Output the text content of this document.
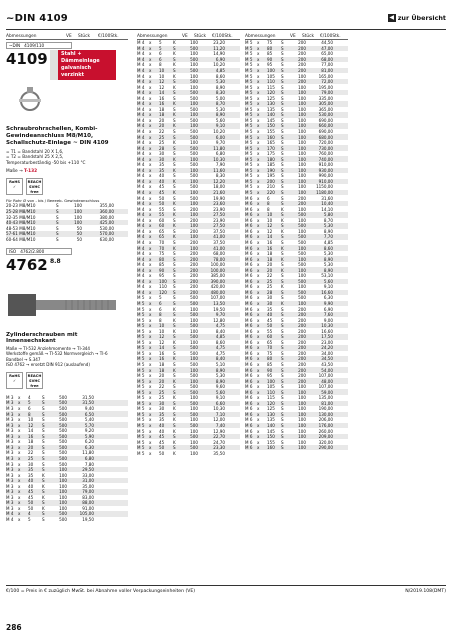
~DIN 4109	◀ zur Übersicht
Abmessungen	VE	Stück	€/100Stk.
~DIN 4109/110
4109	Stahl + Dämmeinlage galvanisch verzinkt
Schraubrohrschellen, Kombi-Gewindeanschluss M8/M10, Schallschutz-Einlage ~ DIN 4109
= T1 = Bandstahl 20 X 1,6,
= T2 = Bandstahl 25 X 2,5,
Temperaturbeständig -50 bis +110 °C
Maße → T-132
RoHS ✓
REACH SVHC free
Für Rohr Ø von - bis / Beeeeb- Gewindeanschluss
20-23 M8/M10	S	100	355,00
25-28 M8/M10	S	100	360,00
32-35 M8/M10	S	100	380,00
40-43 M8/M10	S	100	425,00
48-53 M8/M10	S	50	530,00
57-61 M8/M10	S	50	570,00
60-64 M8/M10	S	50	630,00
ISO 4762/2.800
4762 8.8
Zylinderschrauben mit Innensechskant
Maße → TI-532 Anziehmomente → TI-344
Werkstoffe gemäß → TI-532 Normvergleich → TI-6
Bandbel → S.347
ISO 4762 → ersetzt DIN 912 (auslaufend)
RoHS ✓
REACH SVHC free
M 3	x	4	S	500	31,50
M 3	x	5	S	500	31,50
M 3	x	6	S	500	9,40
M 3	x	8	S	500	6,50
M 3	x	10	S	500	5,40
M 3	x	12	S	500	5,70
M 3	x	14	S	500	9,20
M 3	x	16	S	500	5,90
M 3	x	18	S	500	6,20
M 3	x	20	S	500	6,30
M 3	x	22	S	500	11,80
M 3	x	25	S	500	6,80
M 3	x	30	S	500	7,80
M 3	x	35	S	100	29,50
M 3	x	35	K	100	33,00
M 3	x	40	S	100	31,00
M 3	x	40	K	100	35,00
M 3	x	45	S	100	79,00
M 3	x	45	K	100	83,00
M 3	x	50	S	100	88,00
M 3	x	50	K	100	91,00
M 4	x	4	S	500	105,00
M 4	x	5	S	500	19,50
Abmessungen	VE	Stück	€/100Stk.
M 4	x	5	K	100	23,20
M 4	x	5	S	500	11,20
M 4	x	6	K	100	14,90
M 4	x	6	S	500	6,90
M 4	x	8	K	100	10,20
M 4	x	10	S	500	4,85
M 4	x	10	K	100	8,60
M 4	x	12	S	500	5,30
M 4	x	12	K	100	8,90
M 4	x	14	S	500	8,30
M 4	x	16	S	500	5,00
M 4	x	16	K	100	8,70
M 4	x	18	S	500	5,30
M 4	x	18	K	100	8,90
M 4	x	20	S	500	5,60
M 4	x	20	K	100	9,10
M 4	x	22	S	500	10,20
M 4	x	25	S	500	6,00
M 4	x	25	K	100	9,70
M 4	x	28	S	500	11,80
M 4	x	30	S	500	6,80
M 4	x	30	K	100	10,30
M 4	x	35	S	500	7,90
M 4	x	35	K	100	11,60
M 4	x	40	S	500	8,30
M 4	x	40	K	100	12,20
M 4	x	45	S	500	18,00
M 4	x	45	K	100	21,60
M 4	x	50	S	500	19,90
M 4	x	50	K	100	23,60
M 4	x	55	S	200	23,90
M 4	x	55	K	100	27,50
M 4	x	60	S	200	23,90
M 4	x	60	K	100	27,50
M 4	x	65	S	200	37,50
M 4	x	65	K	100	41,00
M 4	x	70	S	200	37,50
M 4	x	70	K	100	41,00
M 4	x	75	S	200	68,00
M 4	x	80	S	200	78,00
M 4	x	85	S	200	100,00
M 4	x	90	S	200	100,00
M 4	x	95	S	200	385,00
M 4	x	100	S	200	390,00
M 4	x	110	S	200	420,00
M 4	x	120	S	200	480,00
M 5	x	5	S	500	107,00
M 5	x	6	S	500	13,50
M 5	x	6	K	100	19,50
M 5	x	8	S	500	9,70
M 5	x	8	K	100	12,80
M 5	x	10	S	500	4,75
M 5	x	10	K	100	8,40
M 5	x	12	S	500	4,85
M 5	x	12	K	100	8,60
M 5	x	14	S	500	4,75
M 5	x	16	S	500	4,75
M 5	x	16	K	100	8,40
M 5	x	18	S	500	5,10
M 5	x	18	K	100	8,90
M 5	x	20	S	500	5,30
M 5	x	20	K	100	8,90
M 5	x	22	S	500	9,60
M 5	x	25	S	500	5,60
M 5	x	25	K	100	9,10
M 5	x	30	S	500	6,60
M 5	x	30	K	100	10,30
M 5	x	35	S	500	7,10
M 5	x	35	K	100	12,00
M 5	x	40	S	500	7,40
M 5	x	40	K	100	12,90
M 5	x	45	S	500	22,70
M 5	x	45	K	100	24,70
M 5	x	50	S	500	23,30
M 5	x	50	K	100	35,50
Abmessungen	VE	Stück	€/100Stk.
M 5	x	75	S	200	44,50
M 5	x	80	S	200	47,00
M 5	x	85	S	200	65,00
M 5	x	90	S	200	68,00
M 5	x	95	S	200	77,00
M 5	x	100	S	200	81,00
M 5	x	105	S	100	165,00
M 5	x	110	S	200	72,00
M 5	x	115	S	100	195,00
M 5	x	120	S	100	79,00
M 5	x	125	S	100	335,00
M 5	x	130	S	100	305,00
M 5	x	135	S	100	365,00
M 5	x	140	S	100	530,00
M 5	x	145	S	100	690,00
M 5	x	150	S	100	660,00
M 5	x	155	S	100	690,00
M 5	x	160	S	100	680,00
M 5	x	165	S	100	720,00
M 5	x	170	S	100	730,00
M 5	x	175	S	100	760,00
M 5	x	180	S	100	740,00
M 5	x	185	S	100	910,00
M 5	x	190	S	100	930,00
M 5	x	195	S	100	990,00
M 5	x	200	S	100	910,00
M 5	x	210	S	100	1150,00
M 5	x	220	S	100	1180,00
M 6	x	6	S	200	31,60
M 6	x	8	S	200	10,40
M 6	x	8	K	100	14,10
M 6	x	10	S	500	5,80
M 6	x	10	K	100	8,70
M 6	x	12	S	500	5,30
M 6	x	12	K	100	8,90
M 6	x	14	S	500	7,70
M 6	x	16	S	500	4,85
M 6	x	16	K	100	8,60
M 6	x	18	S	500	5,30
M 6	x	18	K	100	8,90
M 6	x	20	S	500	5,30
M 6	x	20	K	100	8,90
M 6	x	22	S	100	53,10
M 6	x	25	S	500	5,60
M 6	x	25	K	100	9,10
M 6	x	28	S	500	16,60
M 6	x	30	S	500	6,30
M 6	x	30	K	100	9,90
M 6	x	35	S	200	6,90
M 6	x	40	S	200	7,60
M 6	x	45	S	200	9,00
M 6	x	50	S	200	10,30
M 6	x	55	S	200	16,60
M 6	x	60	S	200	17,50
M 6	x	65	S	200	23,00
M 6	x	70	S	200	24,20
M 6	x	75	S	200	34,00
M 6	x	80	S	200	34,50
M 6	x	85	S	200	43,50
M 6	x	90	S	200	54,00
M 6	x	95	S	200	107,00
M 6	x	100	S	200	48,00
M 6	x	105	S	100	107,00
M 6	x	110	S	100	59,00
M 6	x	115	S	100	135,00
M 6	x	120	S	100	81,00
M 6	x	125	S	100	190,00
M 6	x	130	S	100	130,00
M 6	x	135	S	100	206,00
M 6	x	140	S	100	176,00
M 6	x	145	S	100	260,00
M 6	x	150	S	100	209,00
M 6	x	155	S	100	320,00
M 6	x	160	S	100	290,00
€/100 = Preis in € zuzüglich MwSt. bei Abnahme voller Verpackungseinheiten (VE)	N/2019.108(DMT)
286
